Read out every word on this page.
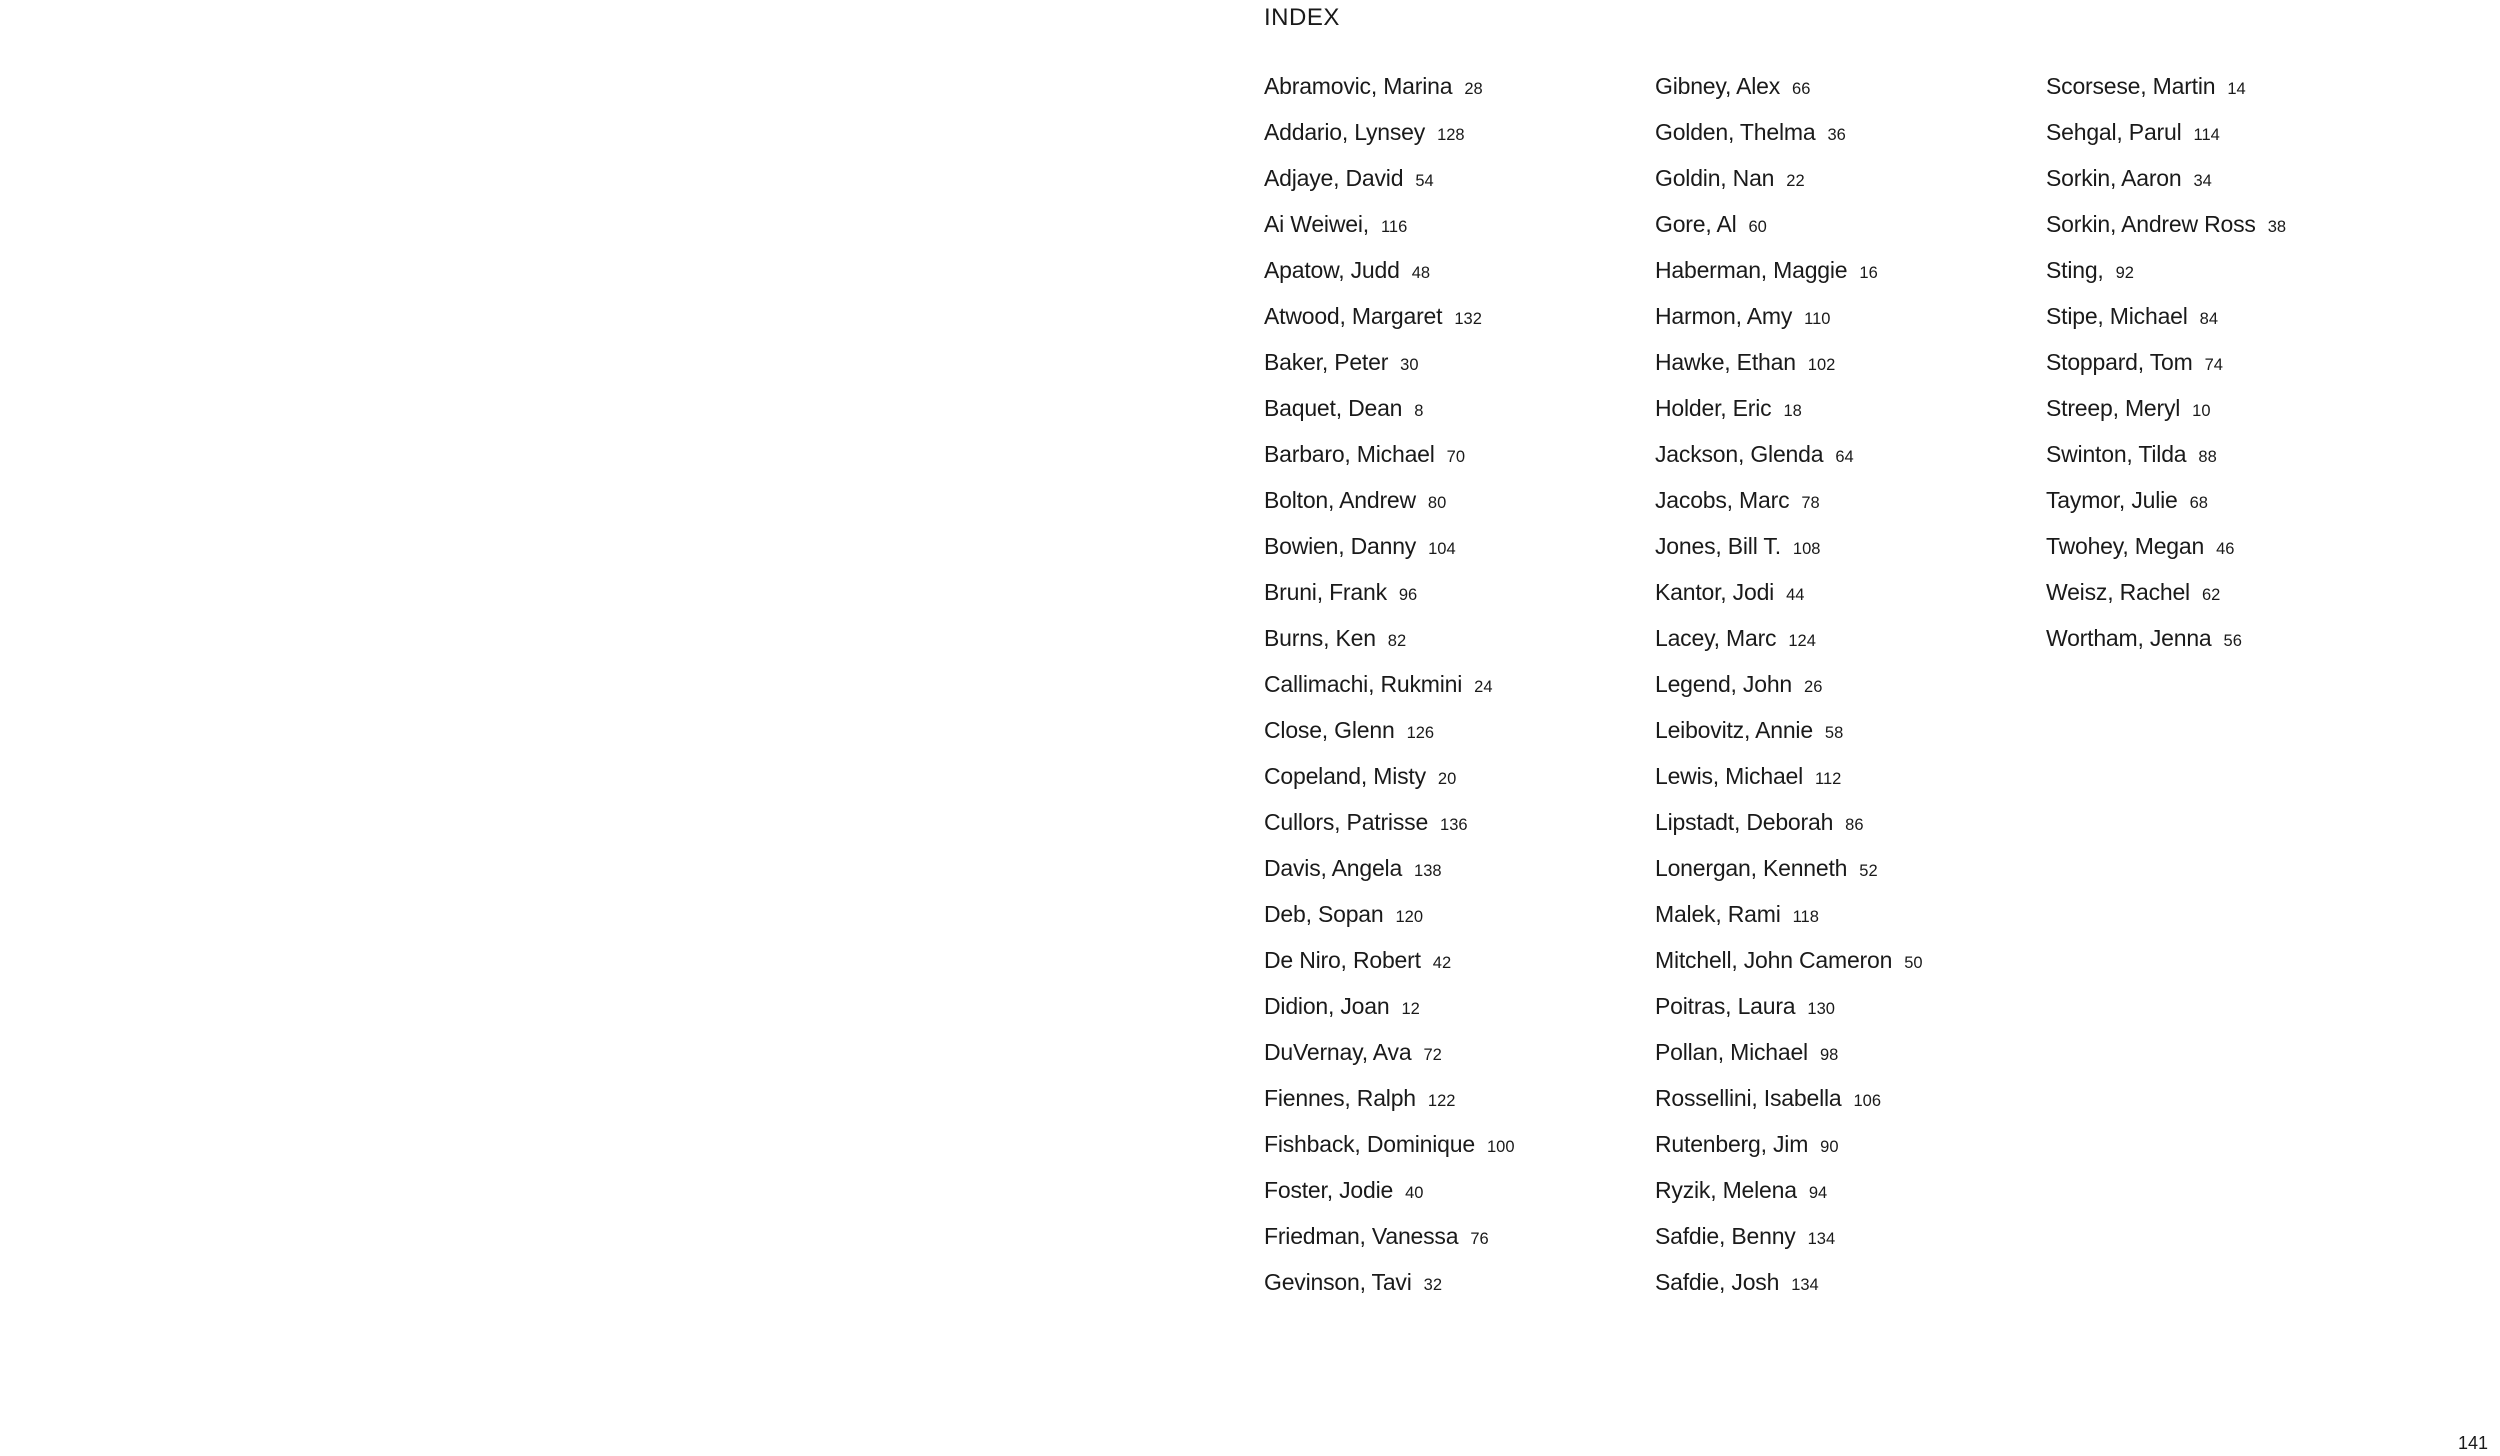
INDEX
Abramovic, Marina 28
Addario, Lynsey 128
Adjaye, David 54
Ai Weiwei, 116
Apatow, Judd 48
Atwood, Margaret 132
Baker, Peter 30
Baquet, Dean 8
Barbaro, Michael 70
Bolton, Andrew 80
Bowien, Danny 104
Bruni, Frank 96
Burns, Ken 82
Callimachi, Rukmini 24
Close, Glenn 126
Copeland, Misty 20
Cullors, Patrisse 136
Davis, Angela 138
Deb, Sopan 120
De Niro, Robert 42
Didion, Joan 12
DuVernay, Ava 72
Fiennes, Ralph 122
Fishback, Dominique 100
Foster, Jodie 40
Friedman, Vanessa 76
Gevinson, Tavi 32
Gibney, Alex 66
Golden, Thelma 36
Goldin, Nan 22
Gore, Al 60
Haberman, Maggie 16
Harmon, Amy 110
Hawke, Ethan 102
Holder, Eric 18
Jackson, Glenda 64
Jacobs, Marc 78
Jones, Bill T. 108
Kantor, Jodi 44
Lacey, Marc 124
Legend, John 26
Leibovitz, Annie 58
Lewis, Michael 112
Lipstadt, Deborah 86
Lonergan, Kenneth 52
Malek, Rami 118
Mitchell, John Cameron 50
Poitras, Laura 130
Pollan, Michael 98
Rossellini, Isabella 106
Rutenberg, Jim 90
Ryzik, Melena 94
Safdie, Benny 134
Safdie, Josh 134
Scorsese, Martin 14
Sehgal, Parul 114
Sorkin, Aaron 34
Sorkin, Andrew Ross 38
Sting, 92
Stipe, Michael 84
Stoppard, Tom 74
Streep, Meryl 10
Swinton, Tilda 88
Taymor, Julie 68
Twohey, Megan 46
Weisz, Rachel 62
Wortham, Jenna 56
141
